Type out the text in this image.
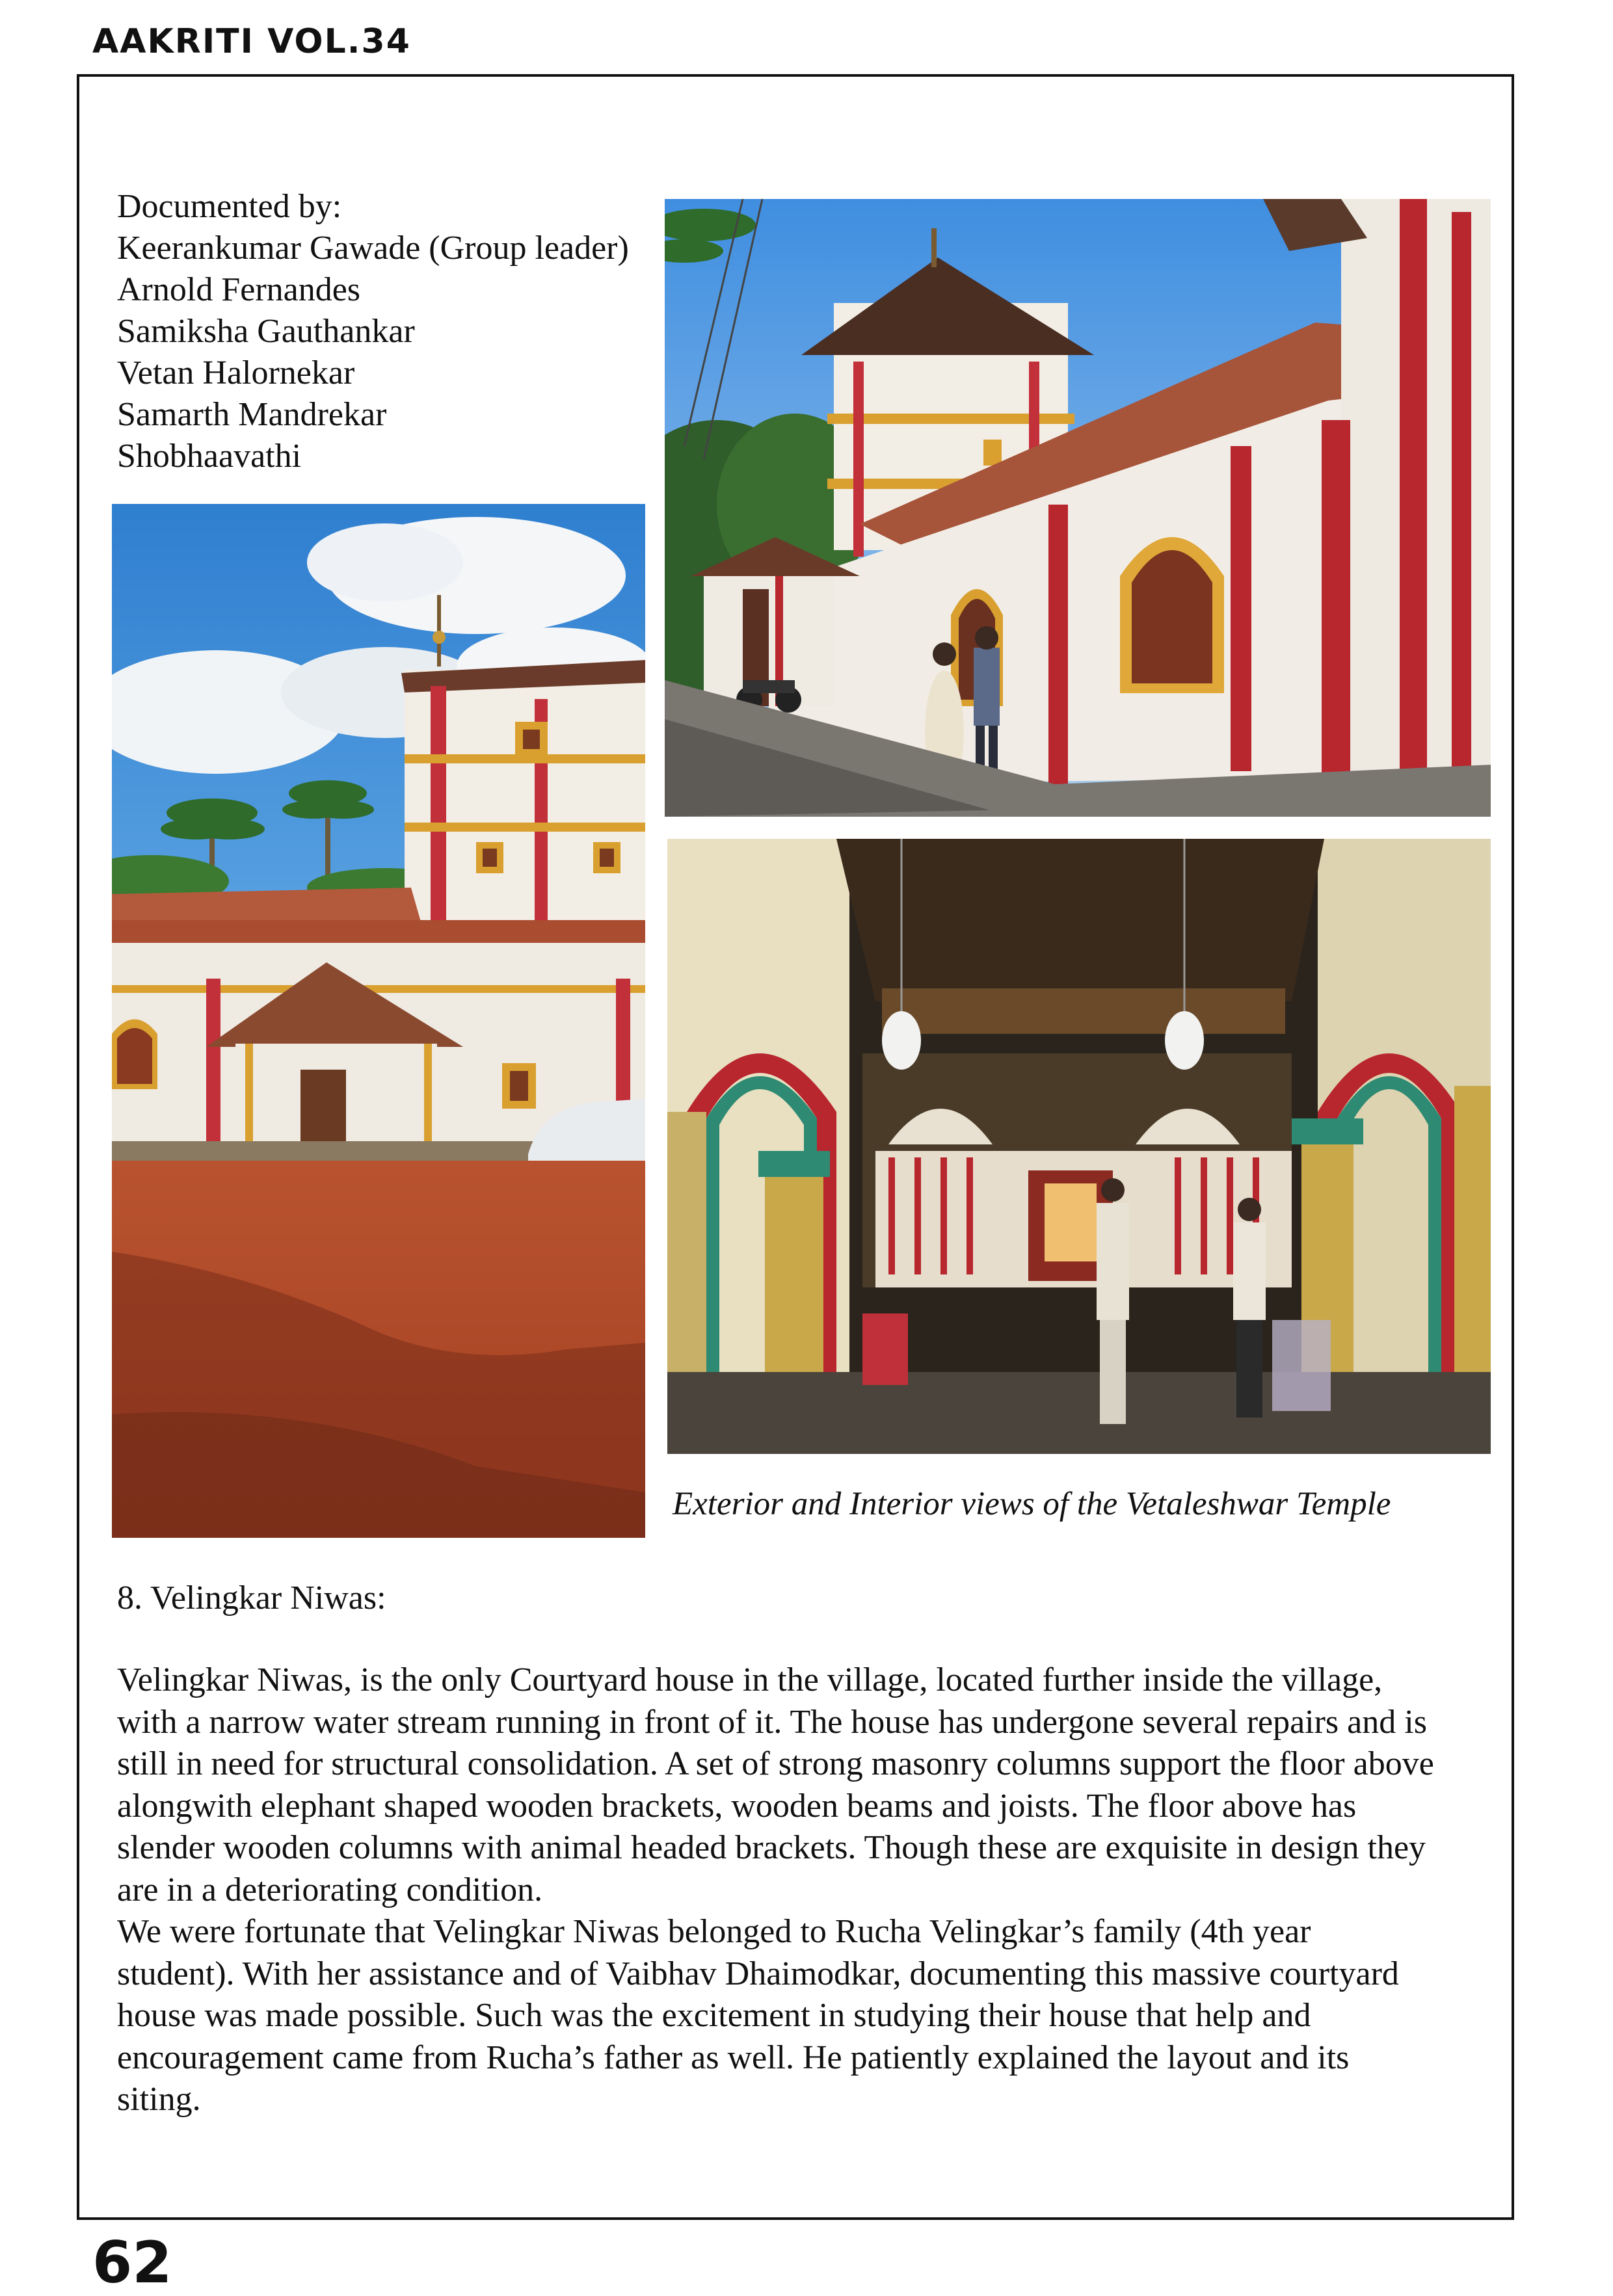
AAKRITI VOL.34
Documented by:
Keerankumar Gawade (Group leader)
Arnold Fernandes
Samiksha Gauthankar
Vetan Halornekar
Samarth Mandrekar
Shobhaavathi
Exterior and Interior views of the Vetaleshwar Temple
8. Velingkar Niwas:
Velingkar Niwas, is the only Courtyard house in the village, located further inside the village,
with a narrow water stream running in front of it. The house has undergone several repairs and is
still in need for structural consolidation. A set of strong masonry columns support the floor above
alongwith elephant shaped wooden brackets, wooden beams and joists. The floor above has
slender wooden columns with animal headed brackets. Though these are exquisite in design they
are in a deteriorating condition.
We were fortunate that Velingkar Niwas belonged to Rucha Velingkar’s family (4th year
student). With her assistance and of Vaibhav Dhaimodkar, documenting this massive courtyard
house was made possible. Such was the excitement in studying their house that help and
encouragement came from Rucha’s father as well. He patiently explained the layout and its
siting.
62
